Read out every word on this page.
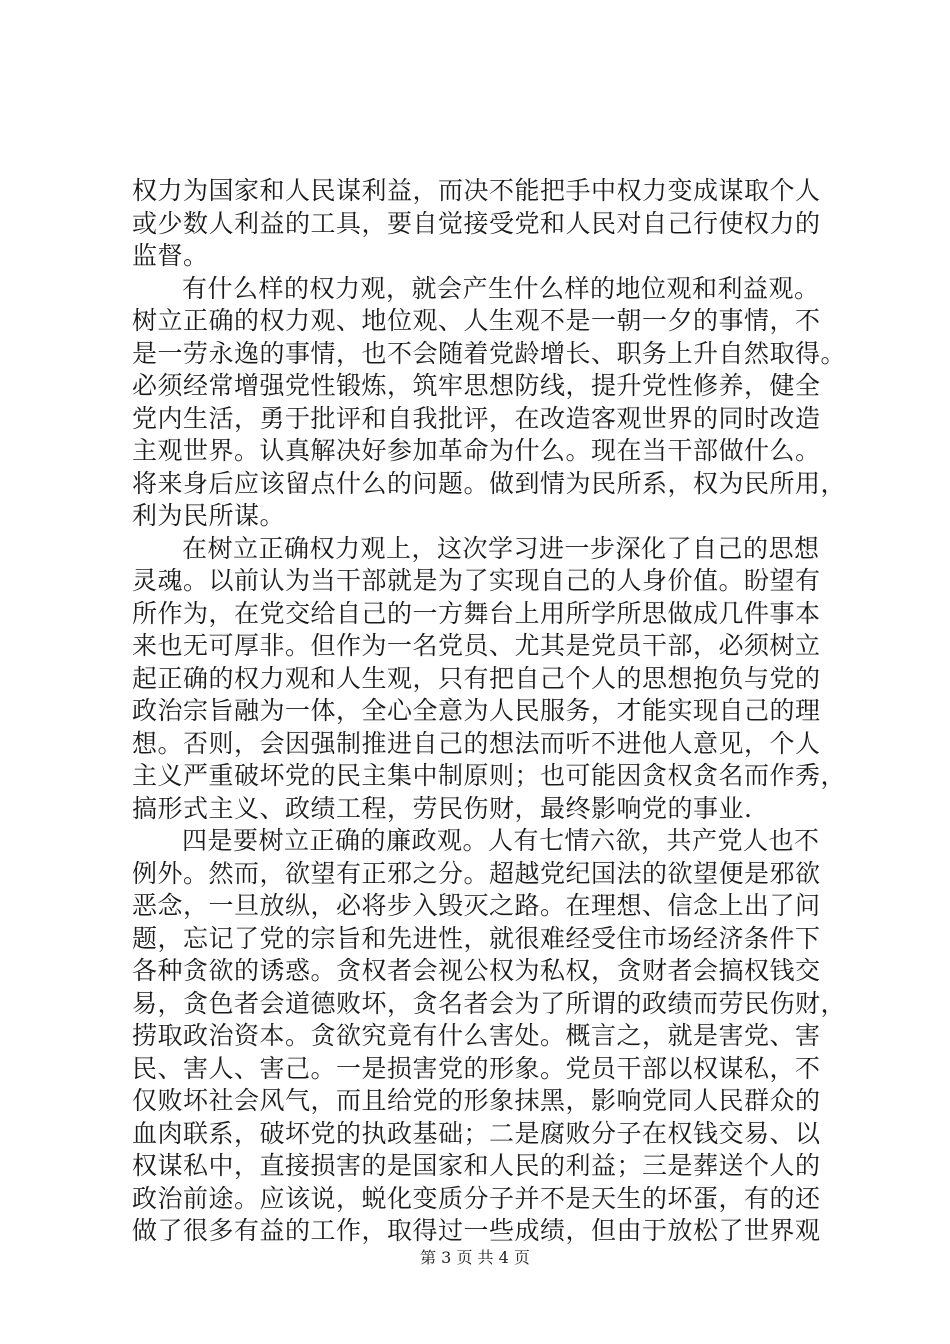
权力为国家和人民谋利益，而决不能把手中权力变成谋取个人
或少数人利益的工具，要自觉接受党和人民对自己行使权力的
监督。
有什么样的权力观，就会产生什么样的地位观和利益观。
树立正确的权力观、地位观、人生观不是一朝一夕的事情，不
是一劳永逸的事情，也不会随着党龄增长、职务上升自然取得。
必须经常增强党性锻炼，筑牢思想防线，提升党性修养，健全
党内生活，勇于批评和自我批评，在改造客观世界的同时改造
主观世界。认真解决好参加革命为什么。现在当干部做什么。
将来身后应该留点什么的问题。做到情为民所系，权为民所用，
利为民所谋。
在树立正确权力观上，这次学习进一步深化了自己的思想
灵魂。以前认为当干部就是为了实现自己的人身价值。盼望有
所作为，在党交给自己的一方舞台上用所学所思做成几件事本
来也无可厚非。但作为一名党员、尤其是党员干部，必须树立
起正确的权力观和人生观，只有把自己个人的思想抱负与党的
政治宗旨融为一体，全心全意为人民服务，才能实现自己的理
想。否则，会因强制推进自己的想法而听不进他人意见，个人
主义严重破坏党的民主集中制原则；也可能因贪权贪名而作秀，
搞形式主义、政绩工程，劳民伤财，最终影响党的事业.
四是要树立正确的廉政观。人有七情六欲，共产党人也不
例外。然而，欲望有正邪之分。超越党纪国法的欲望便是邪欲
恶念，一旦放纵，必将步入毁灭之路。在理想、信念上出了问
题，忘记了党的宗旨和先进性，就很难经受住市场经济条件下
各种贪欲的诱惑。贪权者会视公权为私权，贪财者会搞权钱交
易，贪色者会道德败坏，贪名者会为了所谓的政绩而劳民伤财，
捞取政治资本。贪欲究竟有什么害处。概言之，就是害党、害
民、害人、害己。一是损害党的形象。党员干部以权谋私，不
仅败坏社会风气，而且给党的形象抹黑，影响党同人民群众的
血肉联系，破坏党的执政基础；二是腐败分子在权钱交易、以
权谋私中，直接损害的是国家和人民的利益；三是葬送个人的
政治前途。应该说，蜕化变质分子并不是天生的坏蛋，有的还
做了很多有益的工作，取得过一些成绩，但由于放松了世界观
第 3 页 共 4 页
